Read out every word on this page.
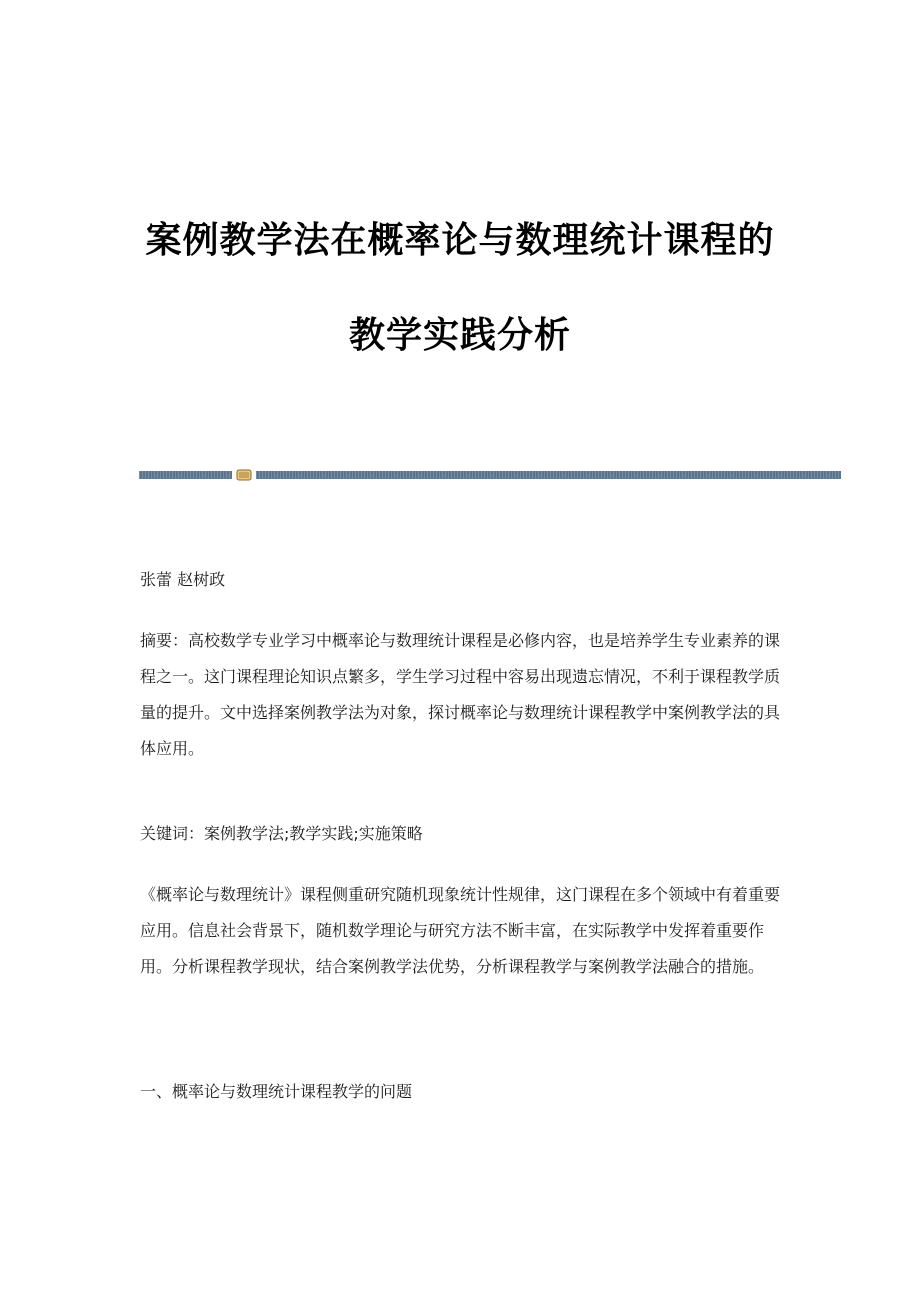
案例教学法在概率论与数理统计课程的
教学实践分析
张蕾 赵树政

摘要：高校数学专业学习中概率论与数理统计课程是必修内容，也是培养学生专业素养的课程之一。这门课程理论知识点繁多，学生学习过程中容易出现遗忘情况，不利于课程教学质量的提升。文中选择案例教学法为对象，探讨概率论与数理统计课程教学中案例教学法的具体应用。

关键词：案例教学法;教学实践;实施策略

《概率论与数理统计》课程侧重研究随机现象统计性规律，这门课程在多个领域中有着重要应用。信息社会背景下，随机数学理论与研究方法不断丰富，在实际教学中发挥着重要作用。分析课程教学现状，结合案例教学法优势，分析课程教学与案例教学法融合的措施。

一、概率论与数理统计课程教学的问题
